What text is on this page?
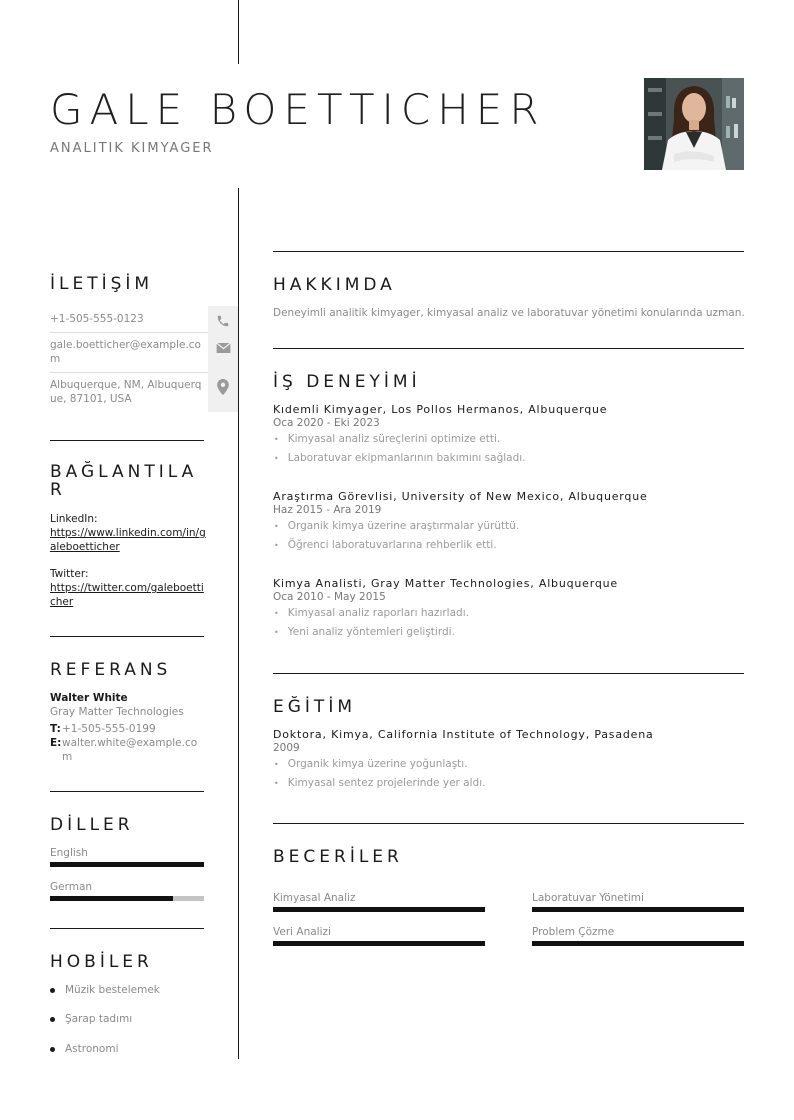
GALE BOETTICHER
ANALITIK KIMYAGER
İLETİŞİM
+1-505-555-0123
gale.boetticher@example.com
Albuquerque, NM, Albuquerque, 87101, USA
BAĞLANTILAR
LinkedIn:
https://www.linkedin.com/in/galeboetticher
Twitter:
https://twitter.com/galeboetticher
REFERANS
Walter White
Gray Matter Technologies
T: +1-505-555-0199
E: walter.white@example.com
DİLLER
English
German
HOBİLER
Müzik bestelemek
Şarap tadımı
Astronomi
HAKKIMDA
Deneyimli analitik kimyager, kimyasal analiz ve laboratuvar yönetimi konularında uzman.
İŞ DENEYİMİ
Kıdemli Kimyager, Los Pollos Hermanos, Albuquerque
Oca 2020 - Eki 2023
• Kimyasal analiz süreçlerini optimize etti.
• Laboratuvar ekipmanlarının bakımını sağladı.
Araştırma Görevlisi, University of New Mexico, Albuquerque
Haz 2015 - Ara 2019
• Organik kimya üzerine araştırmalar yürüttü.
• Öğrenci laboratuvarlarına rehberlik etti.
Kimya Analisti, Gray Matter Technologies, Albuquerque
Oca 2010 - May 2015
• Kimyasal analiz raporları hazırladı.
• Yeni analiz yöntemleri geliştirdi.
EĞİTİM
Doktora, Kimya, California Institute of Technology, Pasadena
2009
• Organik kimya üzerine yoğunlaştı.
• Kimyasal sentez projelerinde yer aldı.
BECERİLER
Kimyasal Analiz	Laboratuvar Yönetimi
Veri Analizi	Problem Çözme
